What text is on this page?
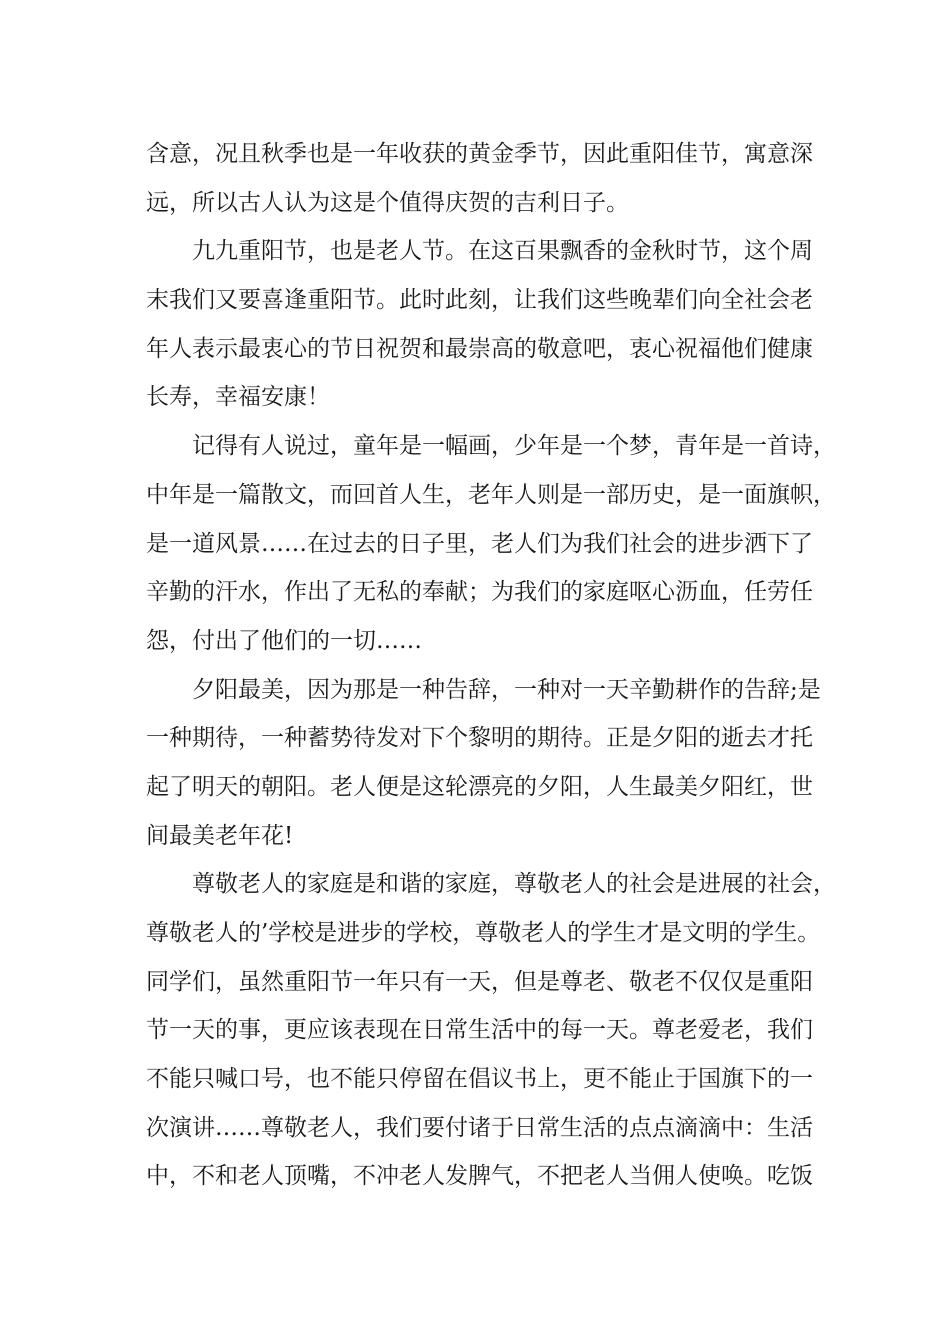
含意，况且秋季也是一年收获的黄金季节，因此重阳佳节，寓意深
远，所以古人认为这是个值得庆贺的吉利日子。
九九重阳节，也是老人节。在这百果飘香的金秋时节，这个周
末我们又要喜逢重阳节。此时此刻，让我们这些晚辈们向全社会老
年人表示最衷心的节日祝贺和最崇高的敬意吧，衷心祝福他们健康
长寿，幸福安康！
记得有人说过，童年是一幅画，少年是一个梦，青年是一首诗，
中年是一篇散文，而回首人生，老年人则是一部历史，是一面旗帜，
是一道风景……在过去的日子里，老人们为我们社会的进步洒下了
辛勤的汗水，作出了无私的奉献；为我们的家庭呕心沥血，任劳任
怨，付出了他们的一切……
夕阳最美，因为那是一种告辞，一种对一天辛勤耕作的告辞;是
一种期待，一种蓄势待发对下个黎明的期待。正是夕阳的逝去才托
起了明天的朝阳。老人便是这轮漂亮的夕阳，人生最美夕阳红，世
间最美老年花!
尊敬老人的家庭是和谐的家庭，尊敬老人的社会是进展的社会，
尊敬老人的’学校是进步的学校，尊敬老人的学生才是文明的学生。
同学们，虽然重阳节一年只有一天，但是尊老、敬老不仅仅是重阳
节一天的事，更应该表现在日常生活中的每一天。尊老爱老，我们
不能只喊口号，也不能只停留在倡议书上，更不能止于国旗下的一
次演讲……尊敬老人，我们要付诸于日常生活的点点滴滴中：生活
中，不和老人顶嘴，不冲老人发脾气，不把老人当佣人使唤。吃饭
